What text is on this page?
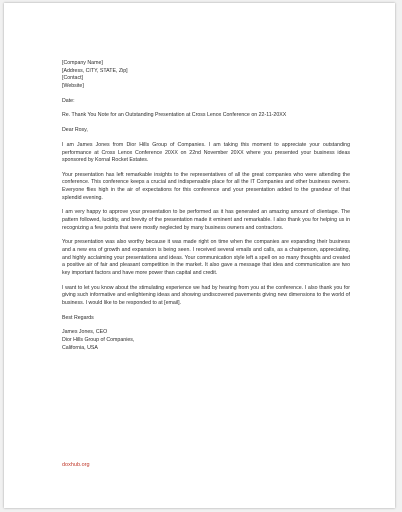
[Company Name]

[Address, CITY, STATE, Zip]

[Contact]

[Website]

Date:

Re. Thank You Note for an Outstanding Presentation at Cross Lenox Conference on 22-11-20XX

Dear Rosy,

I am James Jones from Dior Hills Group of Companies. I am taking this moment to appreciate your outstanding performance at Cross Lenox Conference 20XX on 22nd November 20XX where you presented your business ideas sponsored by Kornal Rocket Estates.

Your presentation has left remarkable insights to the representatives of all the great companies who were attending the conference. This conference keeps a crucial and indispensable place for all the IT Companies and other business owners. Everyone flies high in the air of expectations for this conference and your presentation added to the grandeur of that splendid evening.

I am very happy to approve your presentation to be performed as it has generated an amazing amount of clientage. The pattern followed, lucidity, and brevity of the presentation made it eminent and remarkable. I also thank you for helping us in recognizing a few points that were mostly neglected by many business owners and contractors.

Your presentation was also worthy because it was made right on time when the companies are expanding their business and a new era of growth and expansion is being seen. I received several emails and calls, as a chairperson, appreciating, and highly acclaiming your presentations and ideas. Your communication style left a spell on so many thoughts and created a positive air of fair and pleasant competition in the market. It also gave a message that idea and communication are two key important factors and have more power than capital and credit.

I want to let you know about the stimulating experience we had by hearing from you at the conference. I also thank you for giving such informative and enlightening ideas and showing undiscovered pavements giving new dimensions to the world of business. I would like to be responded to at [email].

Best Regards

James Jones, CEO

Dior Hills Group of Companies,

California, USA

doxhub.org
